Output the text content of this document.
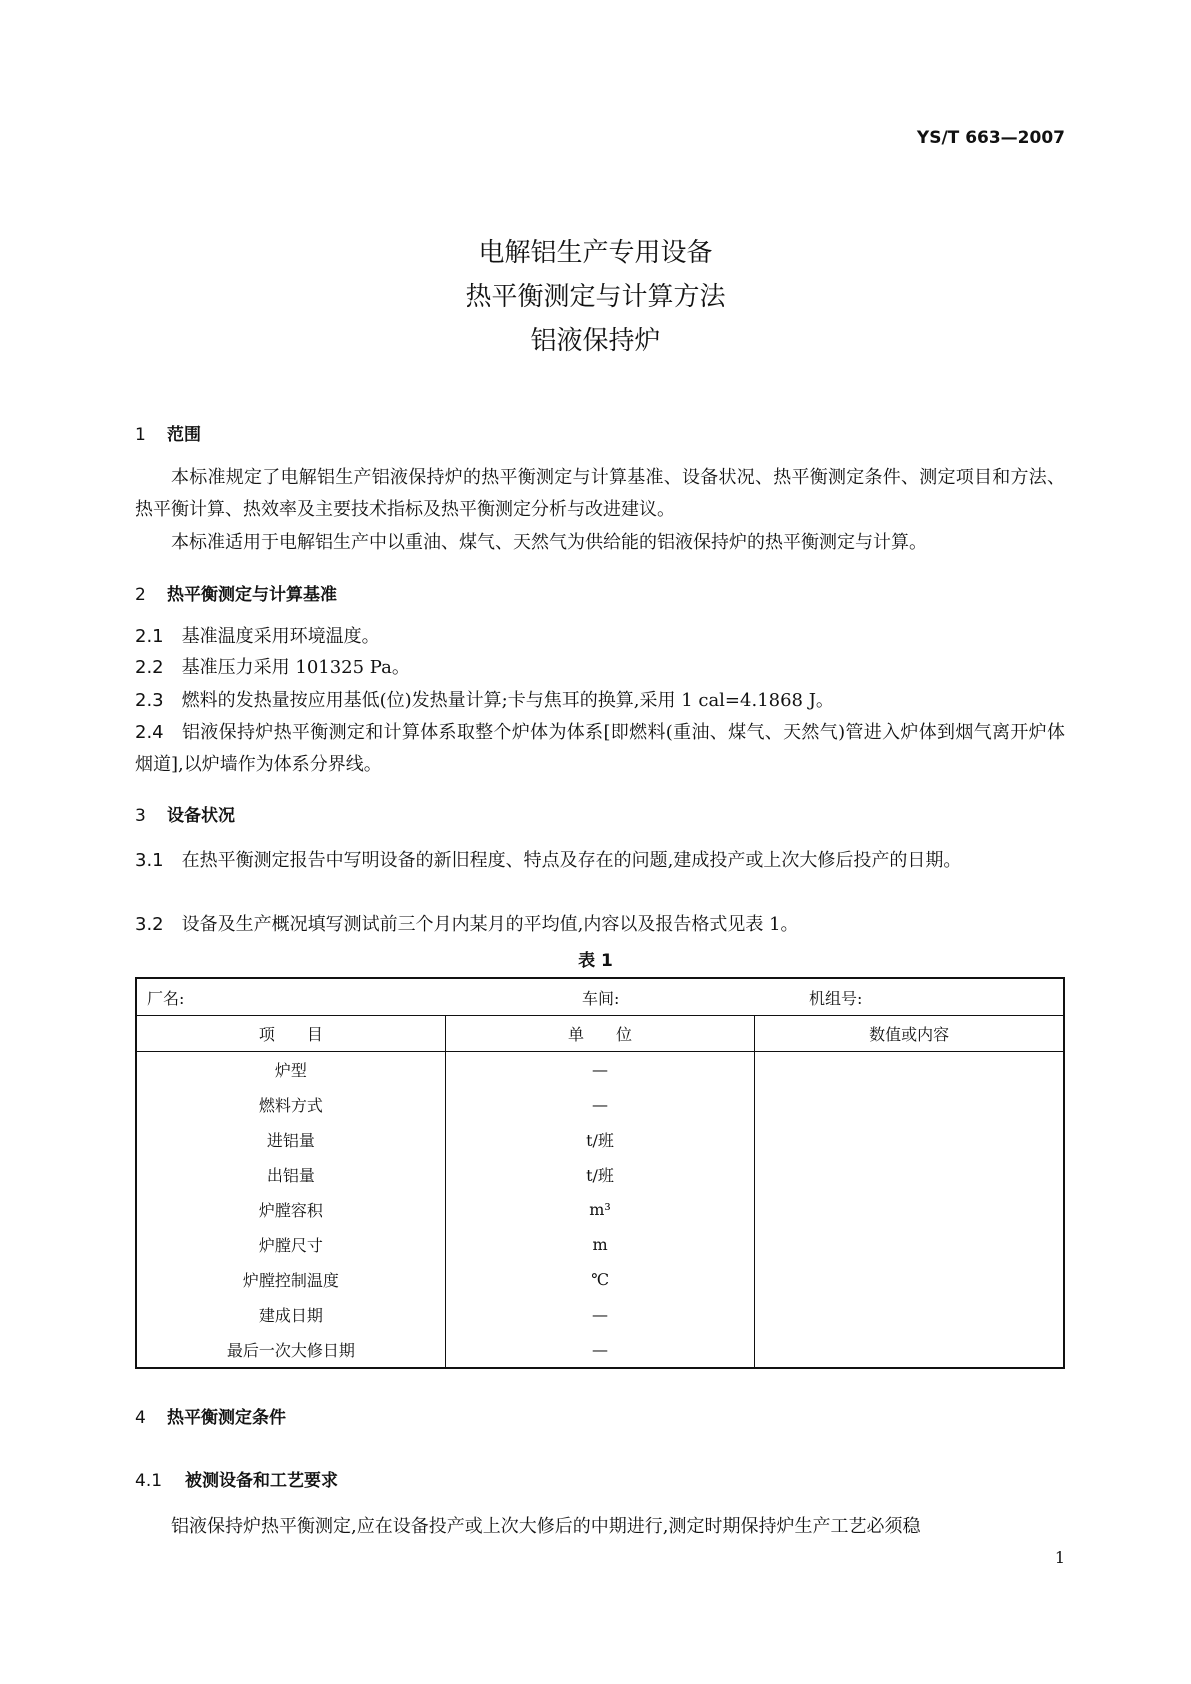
YS/T 663—2007
电解铝生产专用设备
热平衡测定与计算方法
铝液保持炉
1 范围
本标准规定了电解铝生产铝液保持炉的热平衡测定与计算基准、设备状况、热平衡测定条件、测定项目和方法、热平衡计算、热效率及主要技术指标及热平衡测定分析与改进建议。
本标准适用于电解铝生产中以重油、煤气、天然气为供给能的铝液保持炉的热平衡测定与计算。
2 热平衡测定与计算基准
2.1 基准温度采用环境温度。
2.2 基准压力采用 101325 Pa。
2.3 燃料的发热量按应用基低(位)发热量计算;卡与焦耳的换算,采用 1 cal=4.1868 J。
2.4 铝液保持炉热平衡测定和计算体系取整个炉体为体系[即燃料(重油、煤气、天然气)管进入炉体到烟气离开炉体烟道],以炉墙作为体系分界线。
3 设备状况
3.1 在热平衡测定报告中写明设备的新旧程度、特点及存在的问题,建成投产或上次大修后投产的日期。
3.2 设备及生产概况填写测试前三个月内某月的平均值,内容以及报告格式见表 1。
表 1
厂名: 车间: 机组号:		

项　　目	单　　位	数值或内容
炉型	—	
燃料方式	—	
进铝量	t/班	
出铝量	t/班	
炉膛容积	m³	
炉膛尺寸	m	
炉膛控制温度	℃	
建成日期	—	
最后一次大修日期	—	
4 热平衡测定条件
4.1 被测设备和工艺要求
铝液保持炉热平衡测定,应在设备投产或上次大修后的中期进行,测定时期保持炉生产工艺必须稳
1
